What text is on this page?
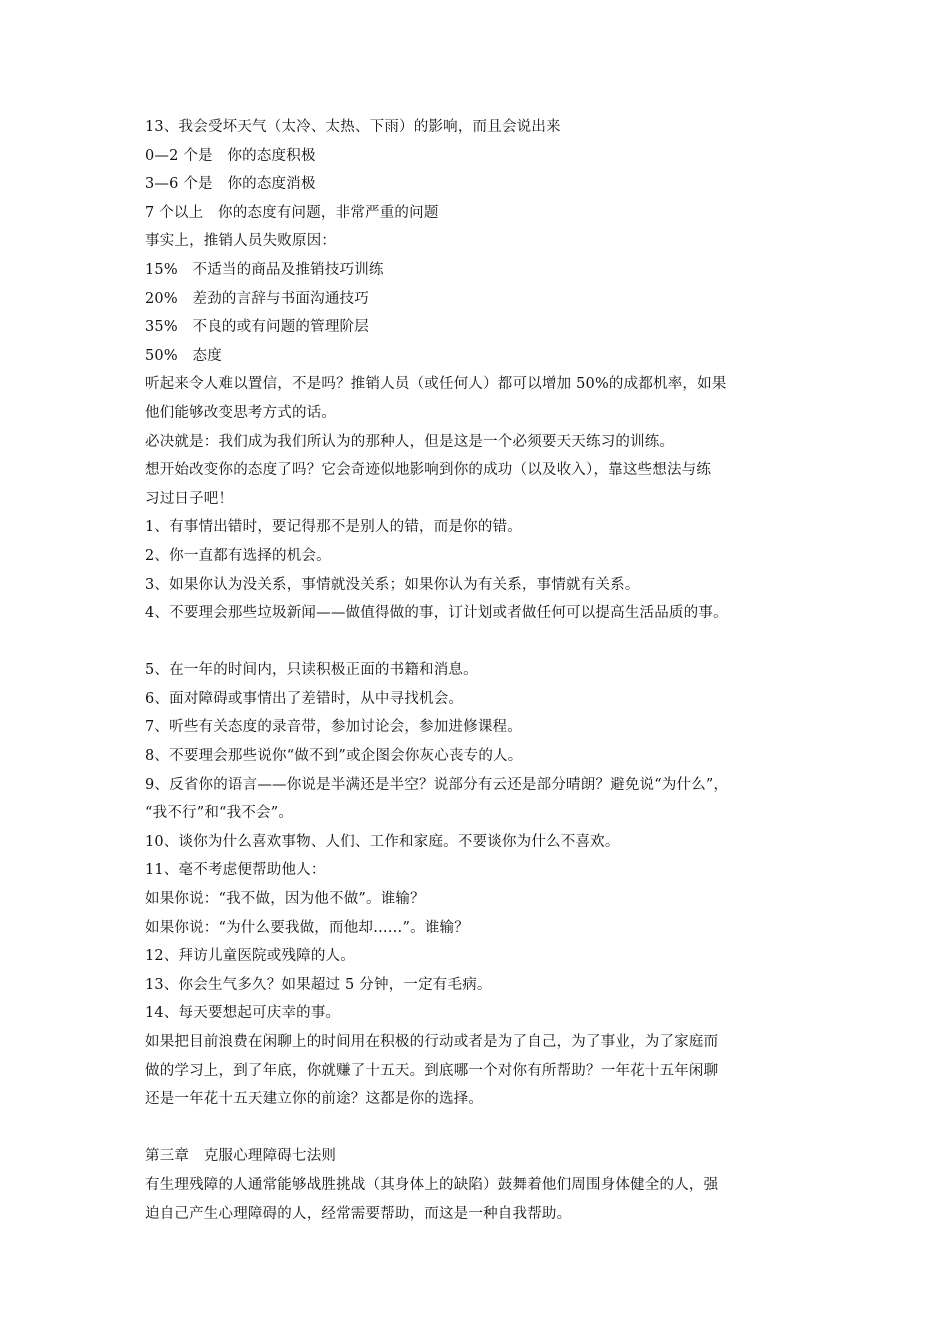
13、我会受坏天气（太冷、太热、下雨）的影响，而且会说出来
0—2 个是　你的态度积极
3—6 个是　你的态度消极
7 个以上　你的态度有问题，非常严重的问题
事实上，推销人员失败原因：
15%　不适当的商品及推销技巧训练
20%　差劲的言辞与书面沟通技巧
35%　不良的或有问题的管理阶层
50%　态度
听起来令人难以置信，不是吗？推销人员（或任何人）都可以增加 50%的成都机率，如果
他们能够改变思考方式的话。
必决就是：我们成为我们所认为的那种人，但是这是一个必须要天天练习的训练。
想开始改变你的态度了吗？它会奇迹似地影响到你的成功（以及收入），靠这些想法与练
习过日子吧！
1、有事情出错时，要记得那不是别人的错，而是你的错。
2、你一直都有选择的机会。
3、如果你认为没关系，事情就没关系；如果你认为有关系，事情就有关系。
4、不要理会那些垃圾新闻——做值得做的事，订计划或者做任何可以提高生活品质的事。
5、在一年的时间内，只读积极正面的书籍和消息。
6、面对障碍或事情出了差错时，从中寻找机会。
7、听些有关态度的录音带，参加讨论会，参加进修课程。
8、不要理会那些说你“做不到”或企图会你灰心丧专的人。
9、反省你的语言——你说是半满还是半空？说部分有云还是部分晴朗？避免说“为什么”，
“我不行”和“我不会”。
10、谈你为什么喜欢事物、人们、工作和家庭。不要谈你为什么不喜欢。
11、毫不考虑便帮助他人：
如果你说：“我不做，因为他不做”。谁输？
如果你说：“为什么要我做，而他却……”。谁输？
12、拜访儿童医院或残障的人。
13、你会生气多久？如果超过 5 分钟，一定有毛病。
14、每天要想起可庆幸的事。
如果把目前浪费在闲聊上的时间用在积极的行动或者是为了自己，为了事业，为了家庭而
做的学习上，到了年底，你就赚了十五天。到底哪一个对你有所帮助？一年花十五年闲聊
还是一年花十五天建立你的前途？这都是你的选择。
第三章　克服心理障碍七法则
有生理残障的人通常能够战胜挑战（其身体上的缺陷）鼓舞着他们周围身体健全的人，强
迫自己产生心理障碍的人，经常需要帮助，而这是一种自我帮助。
